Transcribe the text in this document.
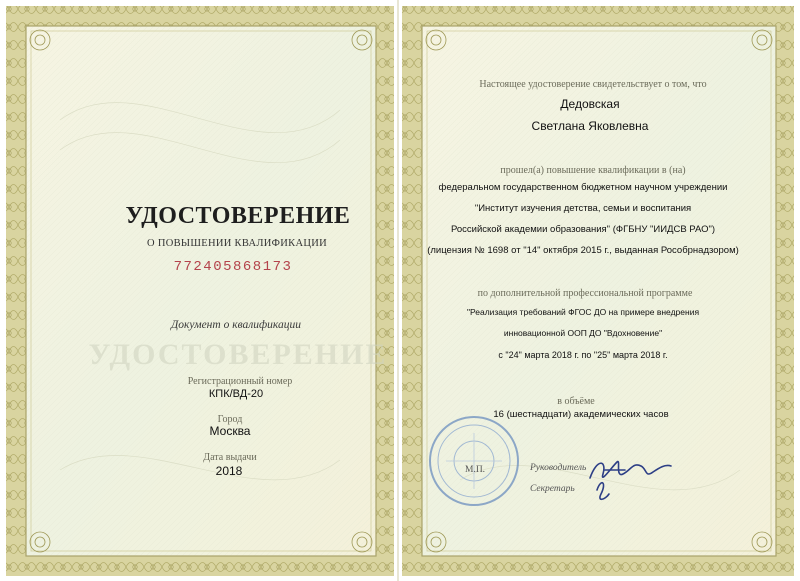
УДОСТОВЕРЕНИЕ
О ПОВЫШЕНИИ КВАЛИФИКАЦИИ
772405868173
Документ о квалификации
УДОСТОВЕРЕНИЕ
Регистрационный номер
КПК/ВД-20
Город
Москва
Дата выдачи
2018
Настоящее удостоверение свидетельствует о том, что
Дедовская
Светлана Яковлевна
прошел(а) повышение квалификации в (на)
федеральном государственном бюджетном научном учреждении
"Институт изучения детства, семьи и воспитания
Российской академии образования" (ФГБНУ "ИИДСВ РАО")
(лицензия № 1698 от "14" октября 2015 г., выданная Рособрнадзором)
по дополнительной профессиональной программе
"Реализация требований ФГОС ДО на примере внедрения
инновационной ООП ДО "Вдохновение"
с "24" марта 2018 г. по "25" марта 2018 г.
в объёме
16 (шестнадцати) академических часов
М.П.	Руководитель
Секретарь
